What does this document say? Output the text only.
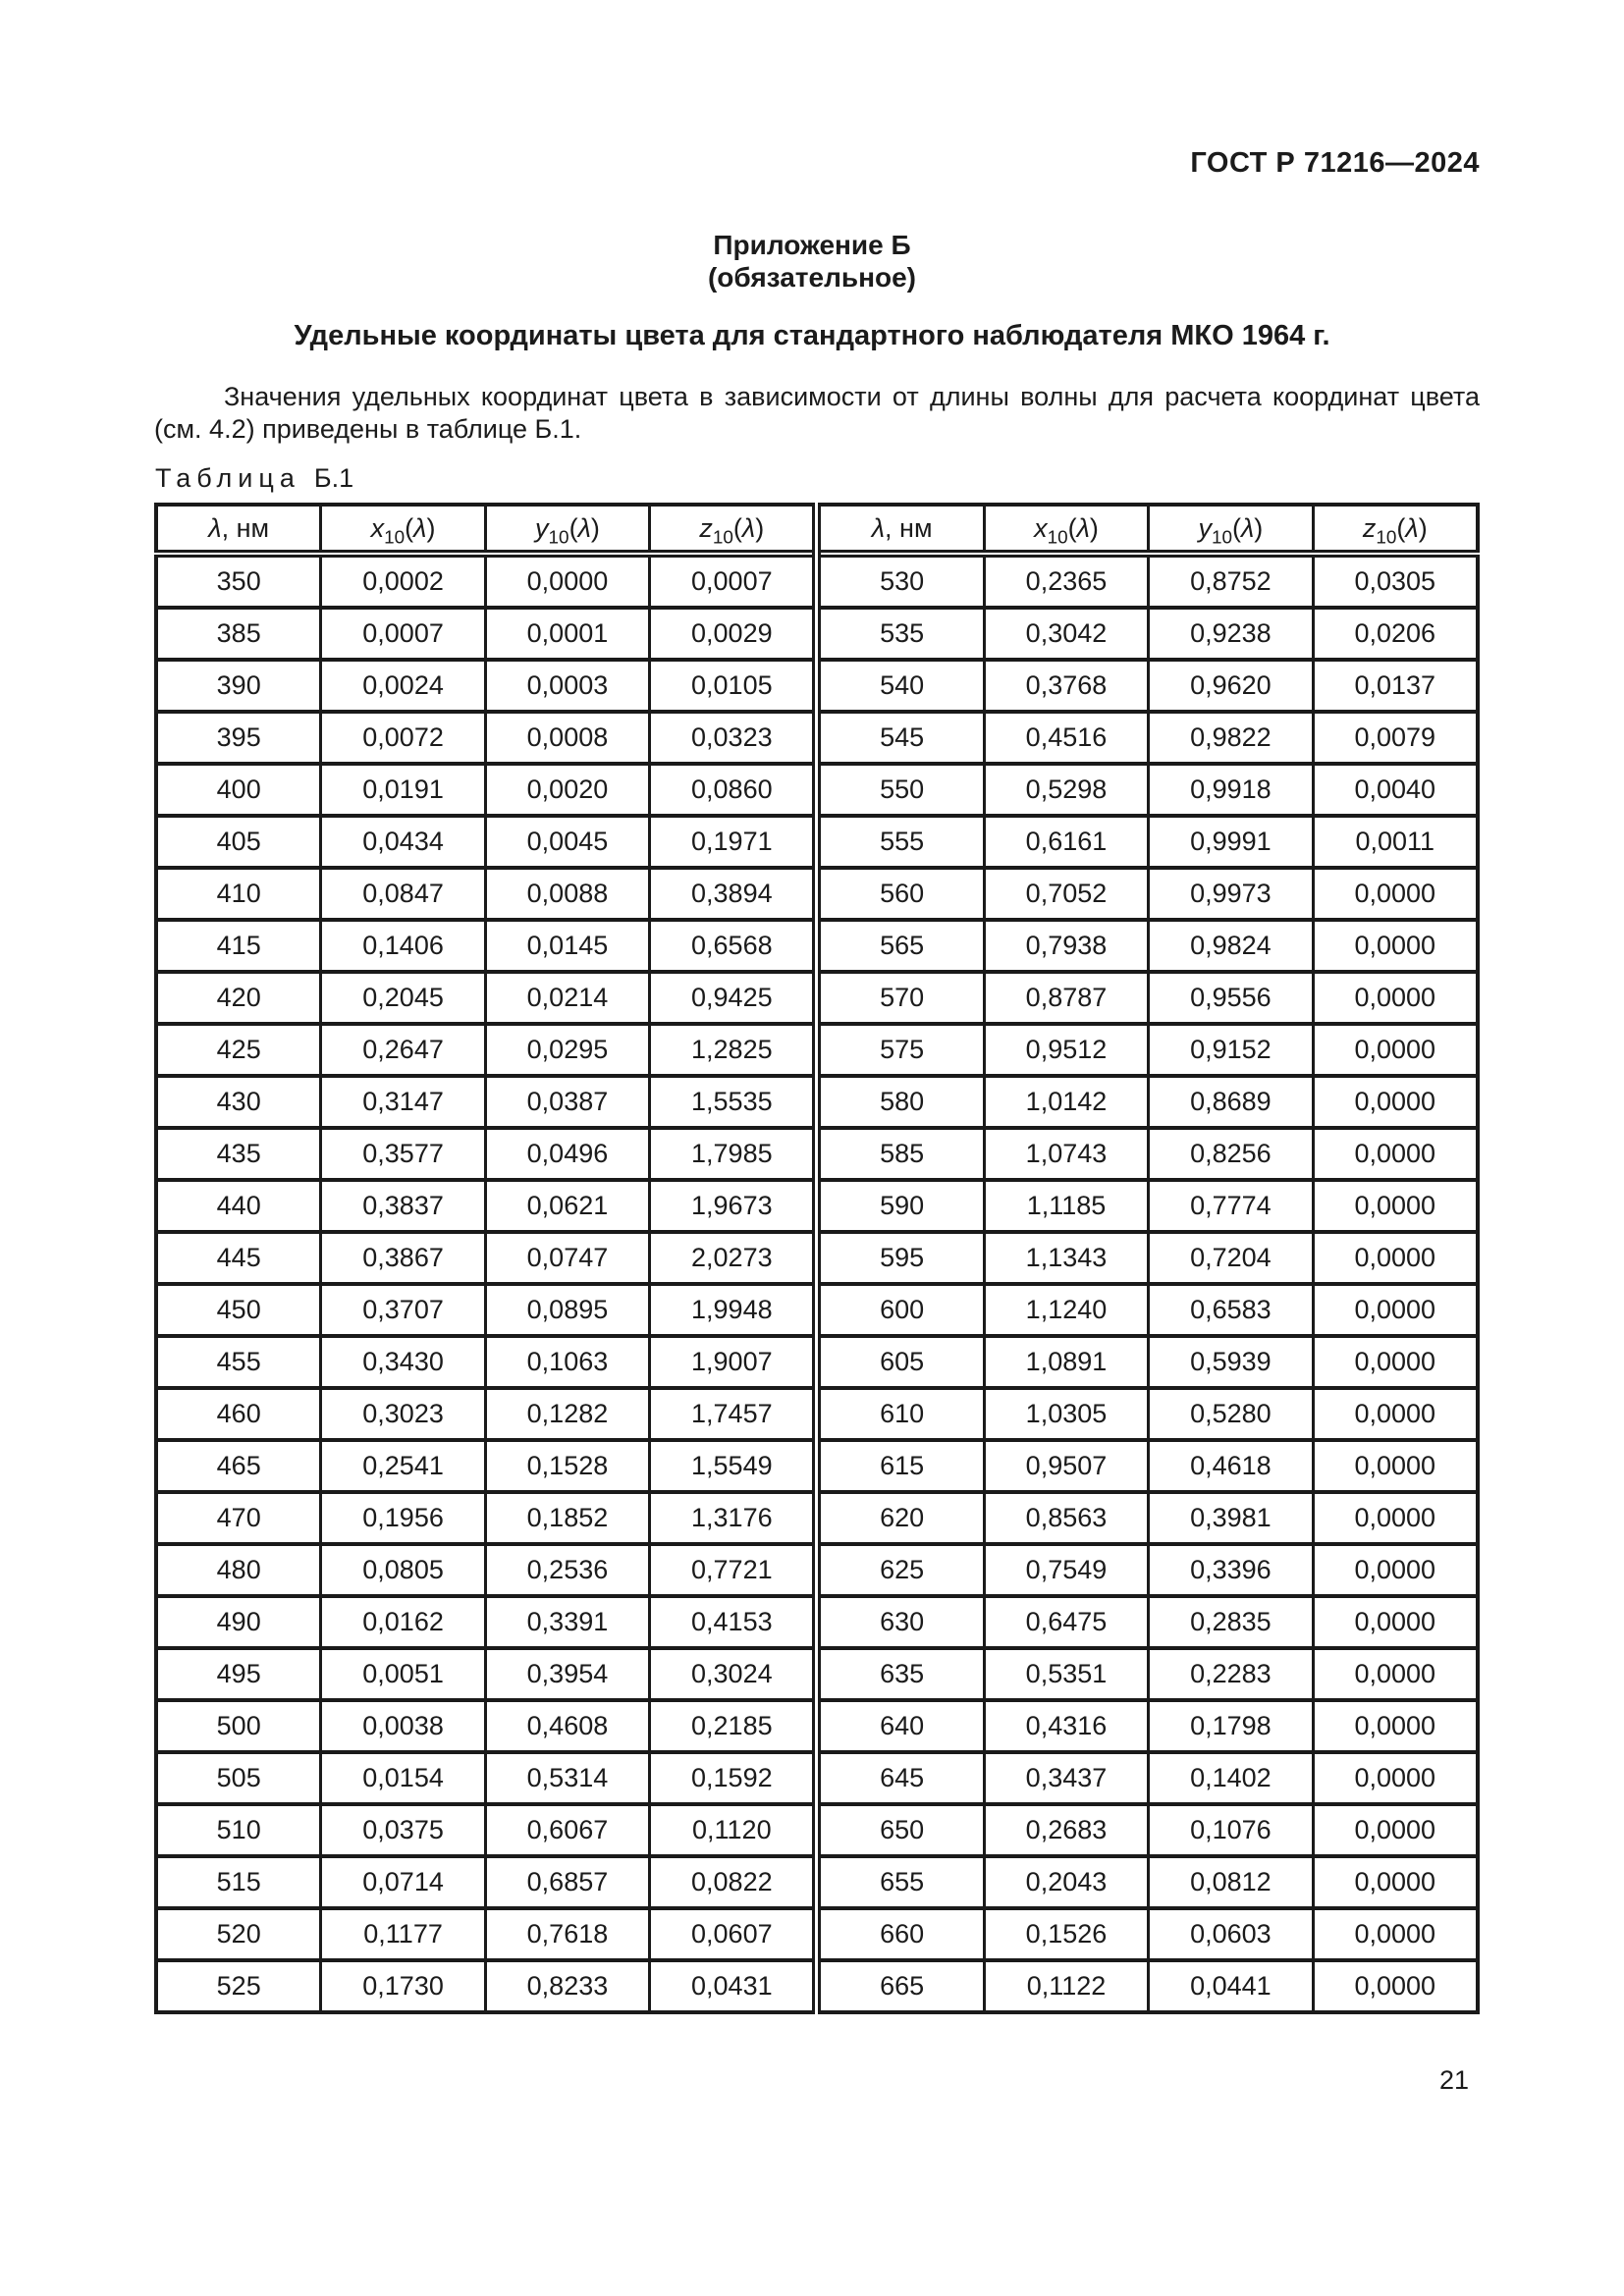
ГОСТ Р 71216—2024
Приложение Б
(обязательное)
Удельные координаты цвета для стандартного наблюдателя МКО 1964 г.

Значения удельных координат цвета в зависимости от длины волны для расчета координат цвета (см. 4.2) приведены в таблице Б.1.

Таблица Б.1
λ, нм	$x_{10}(\lambda)$	$y_{10}(\lambda)$	$z_{10}(\lambda)$	λ, нм	$x_{10}(\lambda)$	$y_{10}(\lambda)$	$z_{10}(\lambda)$
350	0,0002	0,0000	0,0007	530	0,2365	0,8752	0,0305
385	0,0007	0,0001	0,0029	535	0,3042	0,9238	0,0206
390	0,0024	0,0003	0,0105	540	0,3768	0,9620	0,0137
395	0,0072	0,0008	0,0323	545	0,4516	0,9822	0,0079
400	0,0191	0,0020	0,0860	550	0,5298	0,9918	0,0040
405	0,0434	0,0045	0,1971	555	0,6161	0,9991	0,0011
410	0,0847	0,0088	0,3894	560	0,7052	0,9973	0,0000
415	0,1406	0,0145	0,6568	565	0,7938	0,9824	0,0000
420	0,2045	0,0214	0,9425	570	0,8787	0,9556	0,0000
425	0,2647	0,0295	1,2825	575	0,9512	0,9152	0,0000
430	0,3147	0,0387	1,5535	580	1,0142	0,8689	0,0000
435	0,3577	0,0496	1,7985	585	1,0743	0,8256	0,0000
440	0,3837	0,0621	1,9673	590	1,1185	0,7774	0,0000
445	0,3867	0,0747	2,0273	595	1,1343	0,7204	0,0000
450	0,3707	0,0895	1,9948	600	1,1240	0,6583	0,0000
455	0,3430	0,1063	1,9007	605	1,0891	0,5939	0,0000
460	0,3023	0,1282	1,7457	610	1,0305	0,5280	0,0000
465	0,2541	0,1528	1,5549	615	0,9507	0,4618	0,0000
470	0,1956	0,1852	1,3176	620	0,8563	0,3981	0,0000
480	0,0805	0,2536	0,7721	625	0,7549	0,3396	0,0000
490	0,0162	0,3391	0,4153	630	0,6475	0,2835	0,0000
495	0,0051	0,3954	0,3024	635	0,5351	0,2283	0,0000
500	0,0038	0,4608	0,2185	640	0,4316	0,1798	0,0000
505	0,0154	0,5314	0,1592	645	0,3437	0,1402	0,0000
510	0,0375	0,6067	0,1120	650	0,2683	0,1076	0,0000
515	0,0714	0,6857	0,0822	655	0,2043	0,0812	0,0000
520	0,1177	0,7618	0,0607	660	0,1526	0,0603	0,0000
525	0,1730	0,8233	0,0431	665	0,1122	0,0441	0,0000
21
